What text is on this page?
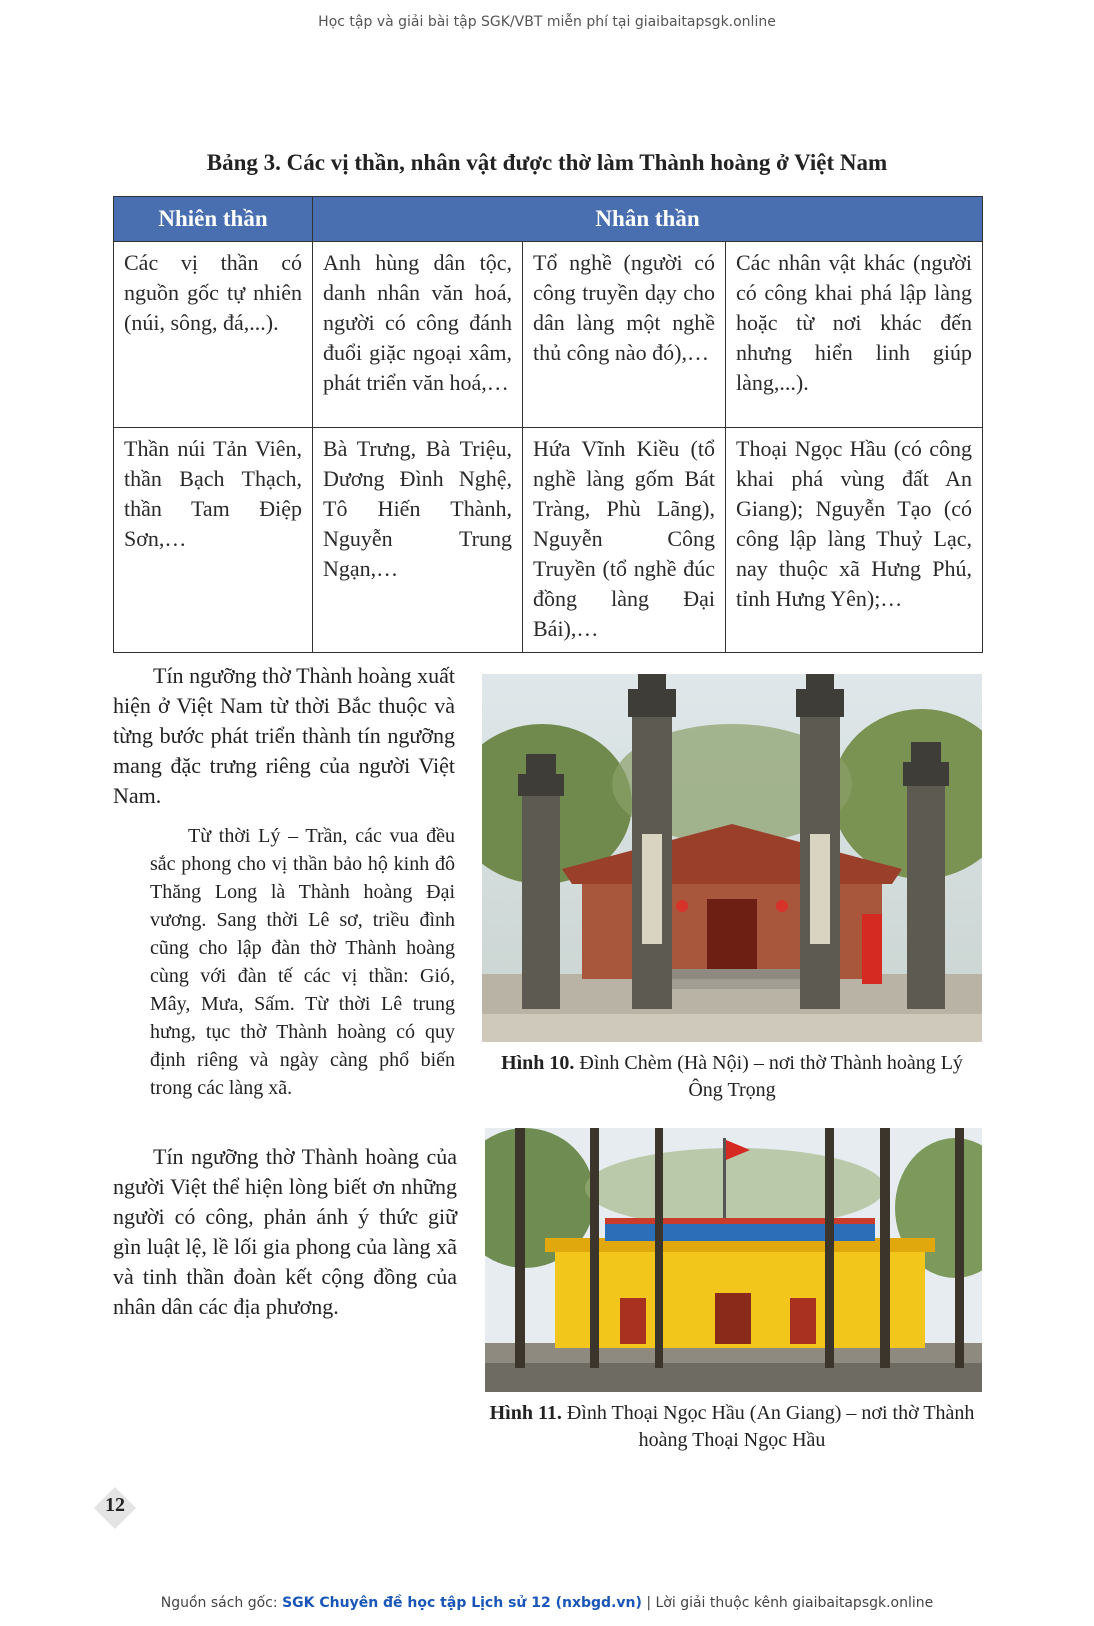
Học tập và giải bài tập SGK/VBT miễn phí tại giaibaitapsgk.online
Bảng 3. Các vị thần, nhân vật được thờ làm Thành hoàng ở Việt Nam
Nhiên thần	Nhân thần		
Các vị thần có nguồn gốc tự nhiên (núi, sông, đá,...).	Anh hùng dân tộc, danh nhân văn hoá, người có công đánh đuổi giặc ngoại xâm, phát triển văn hoá,…	Tổ nghề (người có công truyền dạy cho dân làng một nghề thủ công nào đó),…	Các nhân vật khác (người có công khai phá lập làng hoặc từ nơi khác đến nhưng hiển linh giúp làng,...).
Thần núi Tản Viên, thần Bạch Thạch, thần Tam Điệp Sơn,…	Bà Trưng, Bà Triệu, Dương Đình Nghệ, Tô Hiến Thành, Nguyễn Trung Ngạn,…	Hứa Vĩnh Kiều (tổ nghề làng gốm Bát Tràng, Phù Lãng), Nguyễn Công Truyền (tổ nghề đúc đồng làng Đại Bái),…	Thoại Ngọc Hầu (có công khai phá vùng đất An Giang); Nguyễn Tạo (có công lập làng Thuỷ Lạc, nay thuộc xã Hưng Phú, tỉnh Hưng Yên);…

Tín ngưỡng thờ Thành hoàng xuất hiện ở Việt Nam từ thời Bắc thuộc và từng bước phát triển thành tín ngưỡng mang đặc trưng riêng của người Việt Nam.

Từ thời Lý – Trần, các vua đều sắc phong cho vị thần bảo hộ kinh đô Thăng Long là Thành hoàng Đại vương. Sang thời Lê sơ, triều đình cũng cho lập đàn thờ Thành hoàng cùng với đàn tế các vị thần: Gió, Mây, Mưa, Sấm. Từ thời Lê trung hưng, tục thờ Thành hoàng có quy định riêng và ngày càng phổ biến trong các làng xã.

Tín ngưỡng thờ Thành hoàng của người Việt thể hiện lòng biết ơn những người có công, phản ánh ý thức giữ gìn luật lệ, lề lối gia phong của làng xã và tinh thần đoàn kết cộng đồng của nhân dân các địa phương.

Hình 10. Đình Chèm (Hà Nội) – nơi thờ Thành hoàng Lý Ông Trọng
Hình 11. Đình Thoại Ngọc Hầu (An Giang) – nơi thờ Thành hoàng Thoại Ngọc Hầu
12
Nguồn sách gốc: SGK Chuyên đề học tập Lịch sử 12 (nxbgd.vn) | Lời giải thuộc kênh giaibaitapsgk.online
